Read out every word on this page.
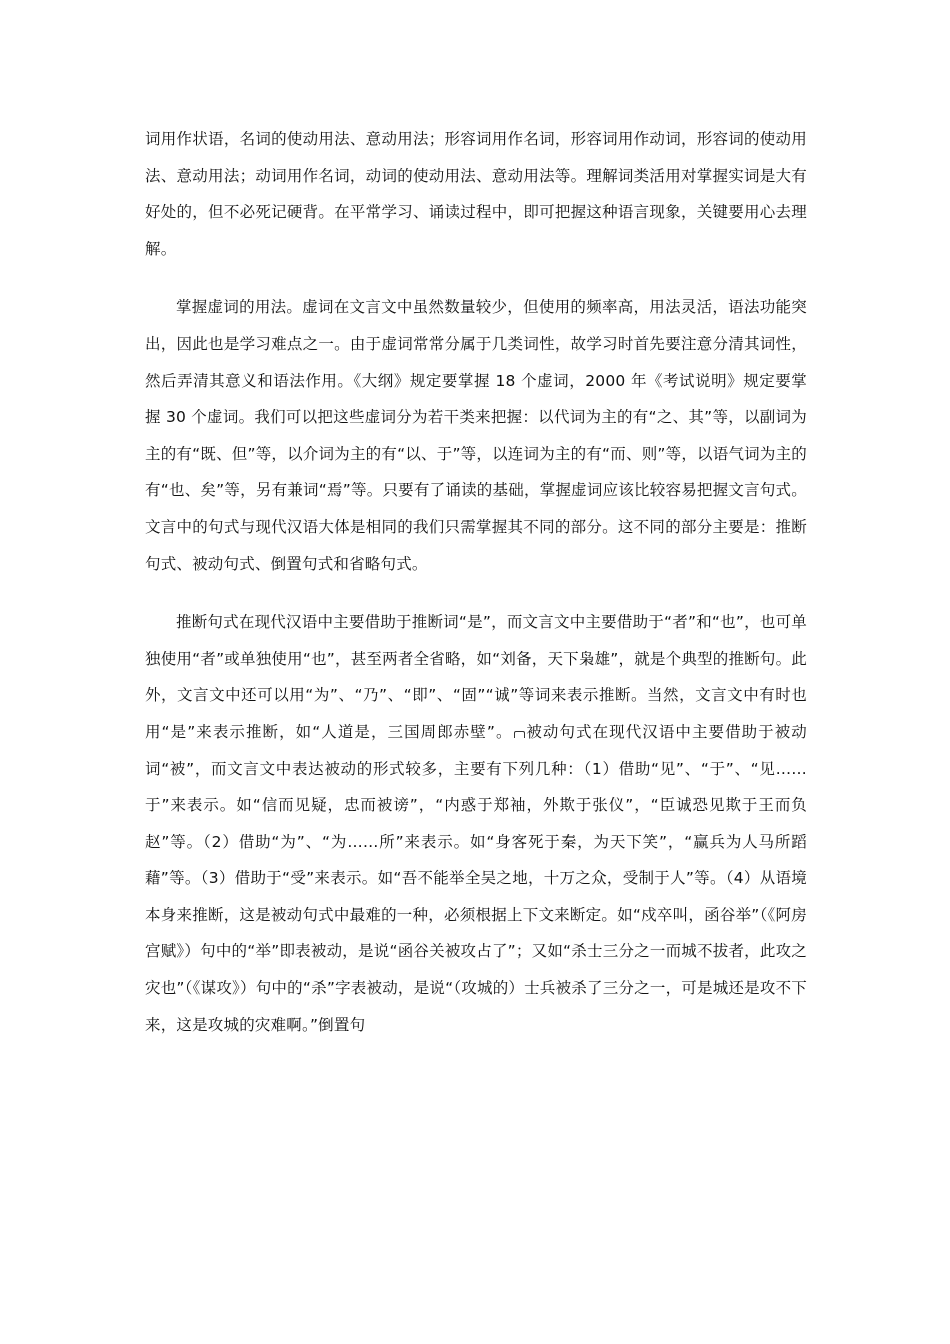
词用作状语，名词的使动用法、意动用法；形容词用作名词，形容词用作动词，形容词的使动用法、意动用法；动词用作名词，动词的使动用法、意动用法等。理解词类活用对掌握实词是大有好处的，但不必死记硬背。在平常学习、诵读过程中，即可把握这种语言现象，关键要用心去理解。

掌握虚词的用法。虚词在文言文中虽然数量较少，但使用的频率高，用法灵活，语法功能突出，因此也是学习难点之一。由于虚词常常分属于几类词性，故学习时首先要注意分清其词性，然后弄清其意义和语法作用。《大纲》规定要掌握 18 个虚词，2000 年《考试说明》规定要掌握 30 个虚词。我们可以把这些虚词分为若干类来把握：以代词为主的有“之、其”等，以副词为主的有“既、但”等，以介词为主的有“以、于”等，以连词为主的有“而、则”等，以语气词为主的有“也、矣”等，另有兼词“焉”等。只要有了诵读的基础，掌握虚词应该比较容易把握文言句式。文言中的句式与现代汉语大体是相同的我们只需掌握其不同的部分。这不同的部分主要是：推断句式、被动句式、倒置句式和省略句式。

推断句式在现代汉语中主要借助于推断词“是”，而文言文中主要借助于“者”和“也”，也可单独使用“者”或单独使用“也”，甚至两者全省略，如“刘备，天下枭雄”，就是个典型的推断句。此外，文言文中还可以用“为”、“乃”、“即”、“固”“诚”等词来表示推断。当然，文言文中有时也用“是”来表示推断，如“人道是，三国周郎赤壁”。 被动句式在现代汉语中主要借助于被动词“被”，而文言文中表达被动的形式较多，主要有下列几种：（1）借助“见”、“于”、“见……于”来表示。如“信而见疑，忠而被谤”，“内惑于郑袖，外欺于张仪”，“臣诚恐见欺于王而负赵”等。（2）借助“为”、“为……所”来表示。如“身客死于秦，为天下笑”，“赢兵为人马所蹈藉”等。（3）借助于“受”来表示。如“吾不能举全吴之地，十万之众，受制于人”等。（4）从语境本身来推断，这是被动句式中最难的一种，必须根据上下文来断定。如“戍卒叫，函谷举”（《阿房宫赋》）句中的“举”即表被动，是说“函谷关被攻占了”；又如“杀士三分之一而城不拔者，此攻之灾也”（《谋攻》）句中的“杀”字表被动，是说“（攻城的）士兵被杀了三分之一，可是城还是攻不下来，这是攻城的灾难啊。”倒置句
